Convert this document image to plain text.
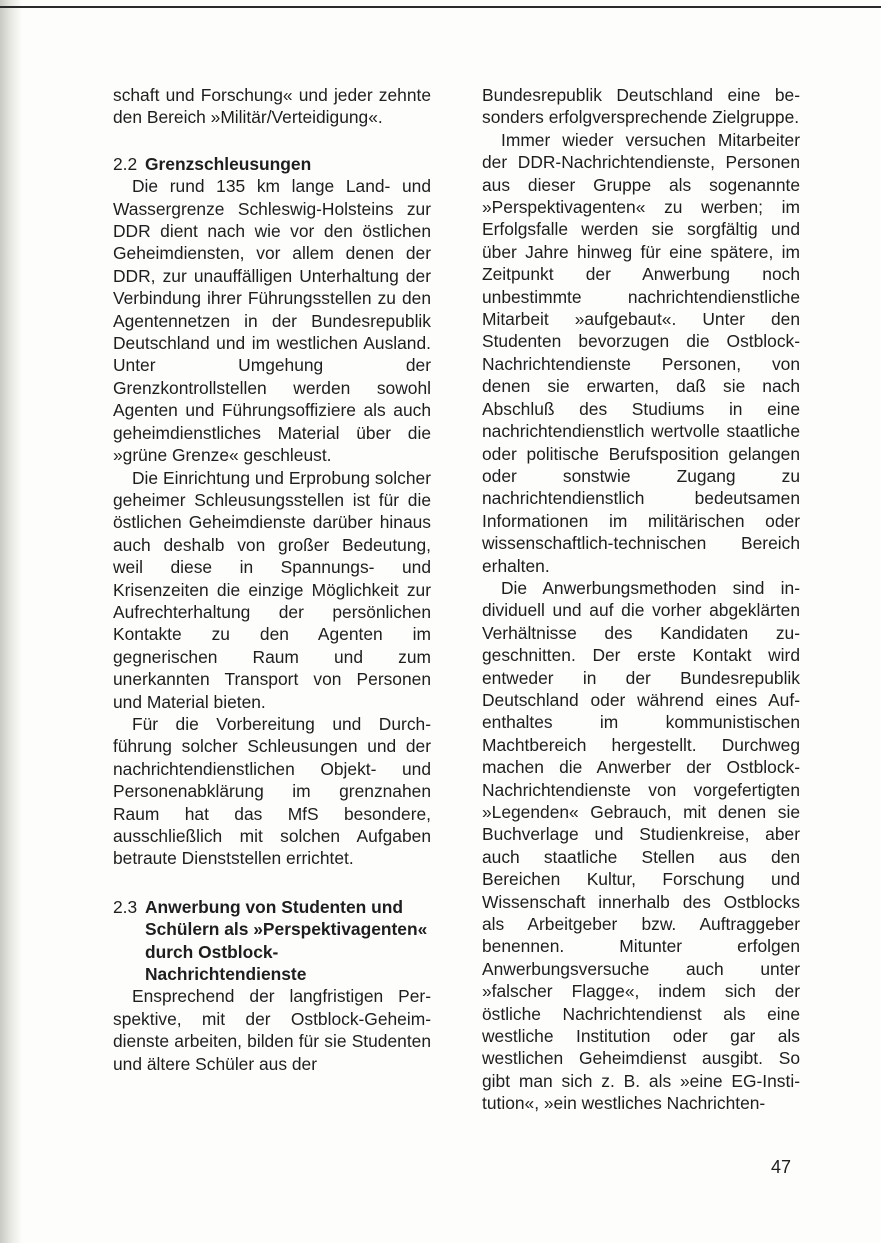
schaft und Forschung« und jeder zehnte den Bereich »Militär/Verteidigung«.

2.2 Grenzschleusungen

Die rund 135 km lange Land- und Wassergrenze Schleswig-Holsteins zur DDR dient nach wie vor den östlichen Geheimdiensten, vor allem denen der DDR, zur unauffälligen Unterhaltung der Verbindung ihrer Führungsstellen zu den Agentennetzen in der Bundesrepublik Deutschland und im westlichen Ausland. Unter Umgehung der Grenzkontrollstellen werden sowohl Agenten und Führungsoffiziere als auch geheimdienstliches Material über die »grüne Grenze« geschleust.

Die Einrichtung und Erprobung solcher geheimer Schleusungsstellen ist für die östlichen Geheimdienste darüber hinaus auch deshalb von großer Bedeutung, weil diese in Spannungs- und Krisenzeiten die einzige Möglichkeit zur Aufrechterhaltung der persönlichen Kontakte zu den Agenten im gegnerischen Raum und zum unerkannten Transport von Personen und Material bieten.

Für die Vorbereitung und Durchführung solcher Schleusungen und der nachrichtendienstlichen Objekt- und Personenabklärung im grenznahen Raum hat das MfS besondere, ausschließlich mit solchen Aufgaben betraute Dienststellen errichtet.

2.3 Anwerbung von Studenten und Schülern als »Perspektivagenten« durch Ostblock-Nachrichtendienste

Ensprechend der langfristigen Perspektive, mit der Ostblock-Geheimdienste arbeiten, bilden für sie Studenten und ältere Schüler aus der

Bundesrepublik Deutschland eine besonders erfolgversprechende Zielgruppe.

Immer wieder versuchen Mitarbeiter der DDR-Nachrichtendienste, Personen aus dieser Gruppe als sogenannte »Perspektivagenten« zu werben; im Erfolgsfalle werden sie sorgfältig und über Jahre hinweg für eine spätere, im Zeitpunkt der Anwerbung noch unbestimmte nachrichtendienstliche Mitarbeit »aufgebaut«. Unter den Studenten bevorzugen die Ostblock-Nachrichtendienste Personen, von denen sie erwarten, daß sie nach Abschluß des Studiums in eine nachrichtendienstlich wertvolle staatliche oder politische Berufsposition gelangen oder sonstwie Zugang zu nachrichtendienstlich bedeutsamen Informationen im militärischen oder wissenschaftlich-technischen Bereich erhalten.

Die Anwerbungsmethoden sind individuell und auf die vorher abgeklärten Verhältnisse des Kandidaten zugeschnitten. Der erste Kontakt wird entweder in der Bundesrepublik Deutschland oder während eines Aufenthaltes im kommunistischen Machtbereich hergestellt. Durchweg machen die Anwerber der Ostblock-Nachrichtendienste von vorgefertigten »Legenden« Gebrauch, mit denen sie Buchverlage und Studienkreise, aber auch staatliche Stellen aus den Bereichen Kultur, Forschung und Wissenschaft innerhalb des Ostblocks als Arbeitgeber bzw. Auftraggeber benennen. Mitunter erfolgen Anwerbungsversuche auch unter »falscher Flagge«, indem sich der östliche Nachrichtendienst als eine westliche Institution oder gar als westlichen Geheimdienst ausgibt. So gibt man sich z. B. als »eine EG-Institution«, »ein westliches Nachrichten-

47
